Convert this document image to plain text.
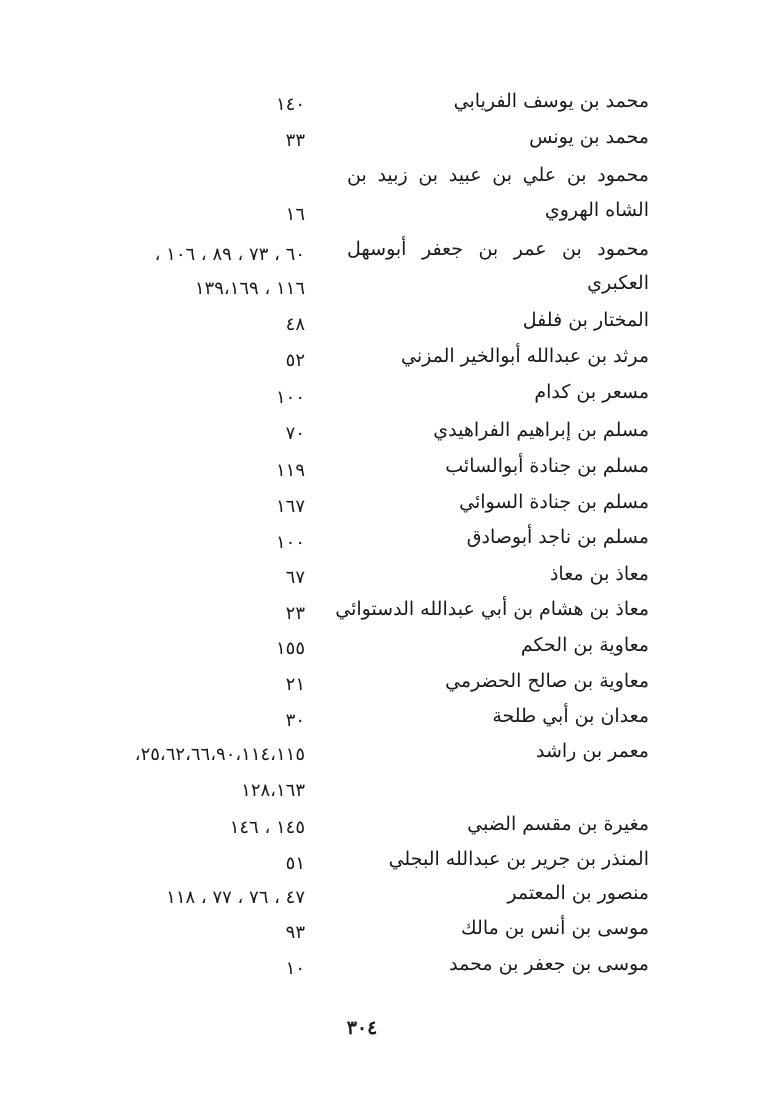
محمد بن يوسف الفريابي
١٤٠
محمد بن يونس
٣٣
محمود بن علي بن عبيد بن زبيد بن
الشاه الهروي
١٦
محمود بن عمر بن جعفر أبوسهل
٦٠ ، ٧٣ ، ٨٩ ، ١٠٦ ،
العكبري
١١٦ ، ١٣٩،١٦٩
المختار بن فلفل
٤٨
مرثد بن عبدالله أبوالخير المزني
٥٢
مسعر بن كدام
١٠٠
مسلم بن إبراهيم الفراهيدي
٧٠
مسلم بن جنادة أبوالسائب
١١٩
مسلم بن جنادة السوائي
١٦٧
مسلم بن ناجد أبوصادق
١٠٠
معاذ بن معاذ
٦٧
معاذ بن هشام بن أبي عبدالله الدستوائي
٢٣
معاوية بن الحكم
١٥٥
معاوية بن صالح الحضرمي
٢١
معدان بن أبي طلحة
٣٠
معمر بن راشد
٢٥،٦٢،٦٦،٩٠،١١٤،١١٥،
١٢٨،١٦٣
مغيرة بن مقسم الضبي
١٤٥ ، ١٤٦
المنذر بن جرير بن عبدالله البجلي
٥١
منصور بن المعتمر
٤٧ ، ٧٦ ، ٧٧ ، ١١٨
موسى بن أنس بن مالك
٩٣
موسى بن جعفر بن محمد
١٠
٣٠٤
